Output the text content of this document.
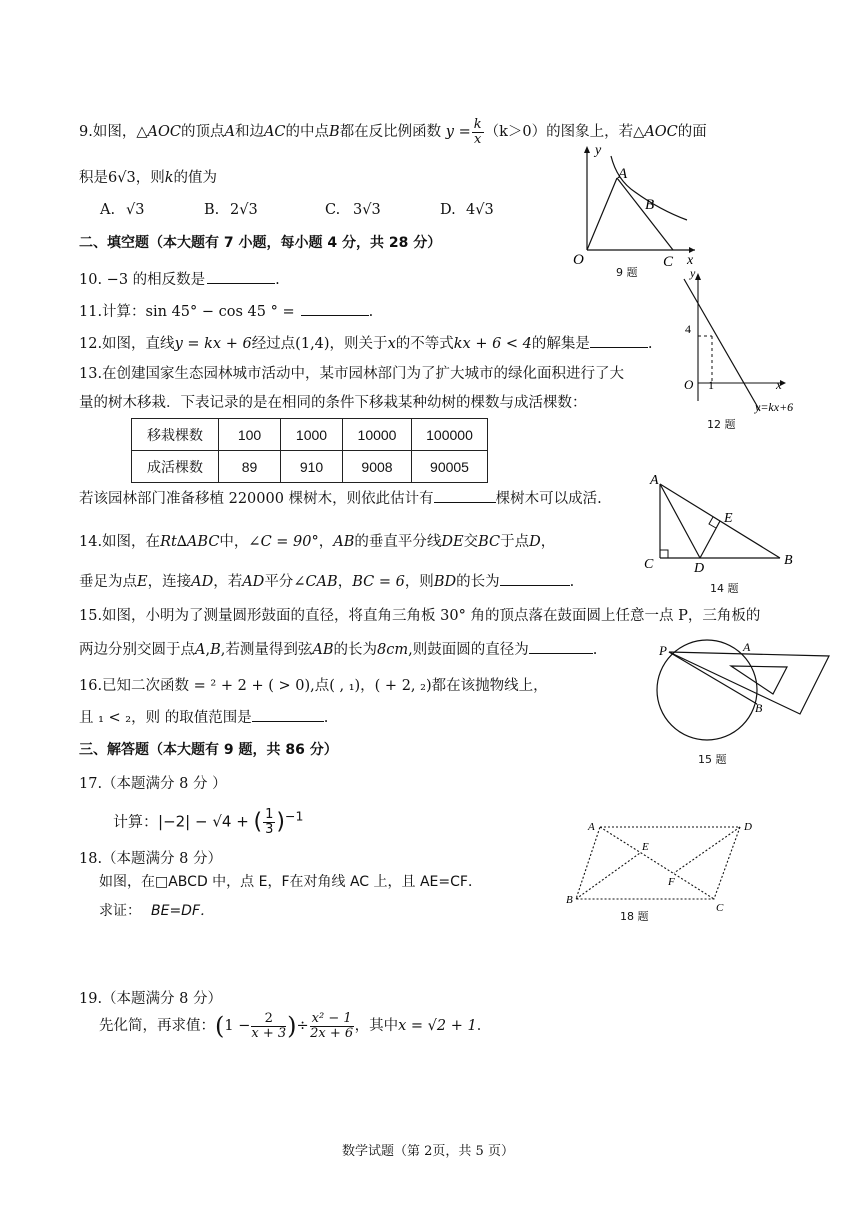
9.如图，△AOC的顶点A和边AC的中点B都在反比例函数 $y = \frac{k}{x} (k>0)$的图象上，若△AOC的面
积是6√3，则k的值为
A. √3	B. 2√3	C. 3√3	D. 4√3
y
x
O
A
B
C
9 题
二、填空题（本大题有 7 小题，每小题 4 分，共 28 分）
10. −3 的相反数是	.
11.计算：sin 45° − cos 45 ° =	.
12.如图，直线y = kx + 6经过点(1,4)，则关于x的不等式kx + 6 < 4的解集是	.
y
x
O
4
1
y=kx+6
12 题
13.在创建国家生态园林城市活动中，某市园林部门为了扩大城市的绿化面积进行了大
量的树木移栽．下表记录的是在相同的条件下移栽某种幼树的棵数与成活棵数：
移栽棵数	100	1000	10000	100000
成活棵数	89	910	9008	90005
若该园林部门准备移植 220000 棵树木，则依此估计有	棵树木可以成活.
14.如图，在Rt∆ABC中，∠C = 90°，AB的垂直平分线DE交BC于点D，
垂足为点E，连接AD，若AD平分∠CAB，BC = 6，则BD的长为	.
A
B
C	D
E
14 题
15.如图，小明为了测量圆形鼓面的直径，将直角三角板 30° 角的顶点落在鼓面圆上任意一点 P，三角板的
两边分别交圆于点A,B,若测量得到弦AB的长为8cm,则鼓面圆的直径为	.	P	A
B
15 题
16.已知二次函数 = ² + 2 + ( > 0),点( , ₁)，( + 2, ₂)都在该抛物线上，
且 ₁ < ₂，则 的取值范围是	.
三、解答题（本大题有 9 题，共 86 分）
17.（本题满分 8 分 ）
计算：|−2| − √4 + ( $\frac{1}{3} )^{-1}$
18.（本题满分 8 分）
如图，在□ABCD 中，点 E，F在对角线 AC 上，且 AE=CF．
求证： BE=DF．
A	D
B
C
E
F
18 题
19.（本题满分 8 分）
先化简，再求值：($1 - \frac{2}{x + 3}$ )÷ $\frac{\text{x² − 1}}{2x + 6}$ ，其中x = √2 + 1．
数学试题（第 2页，共 5 页）
